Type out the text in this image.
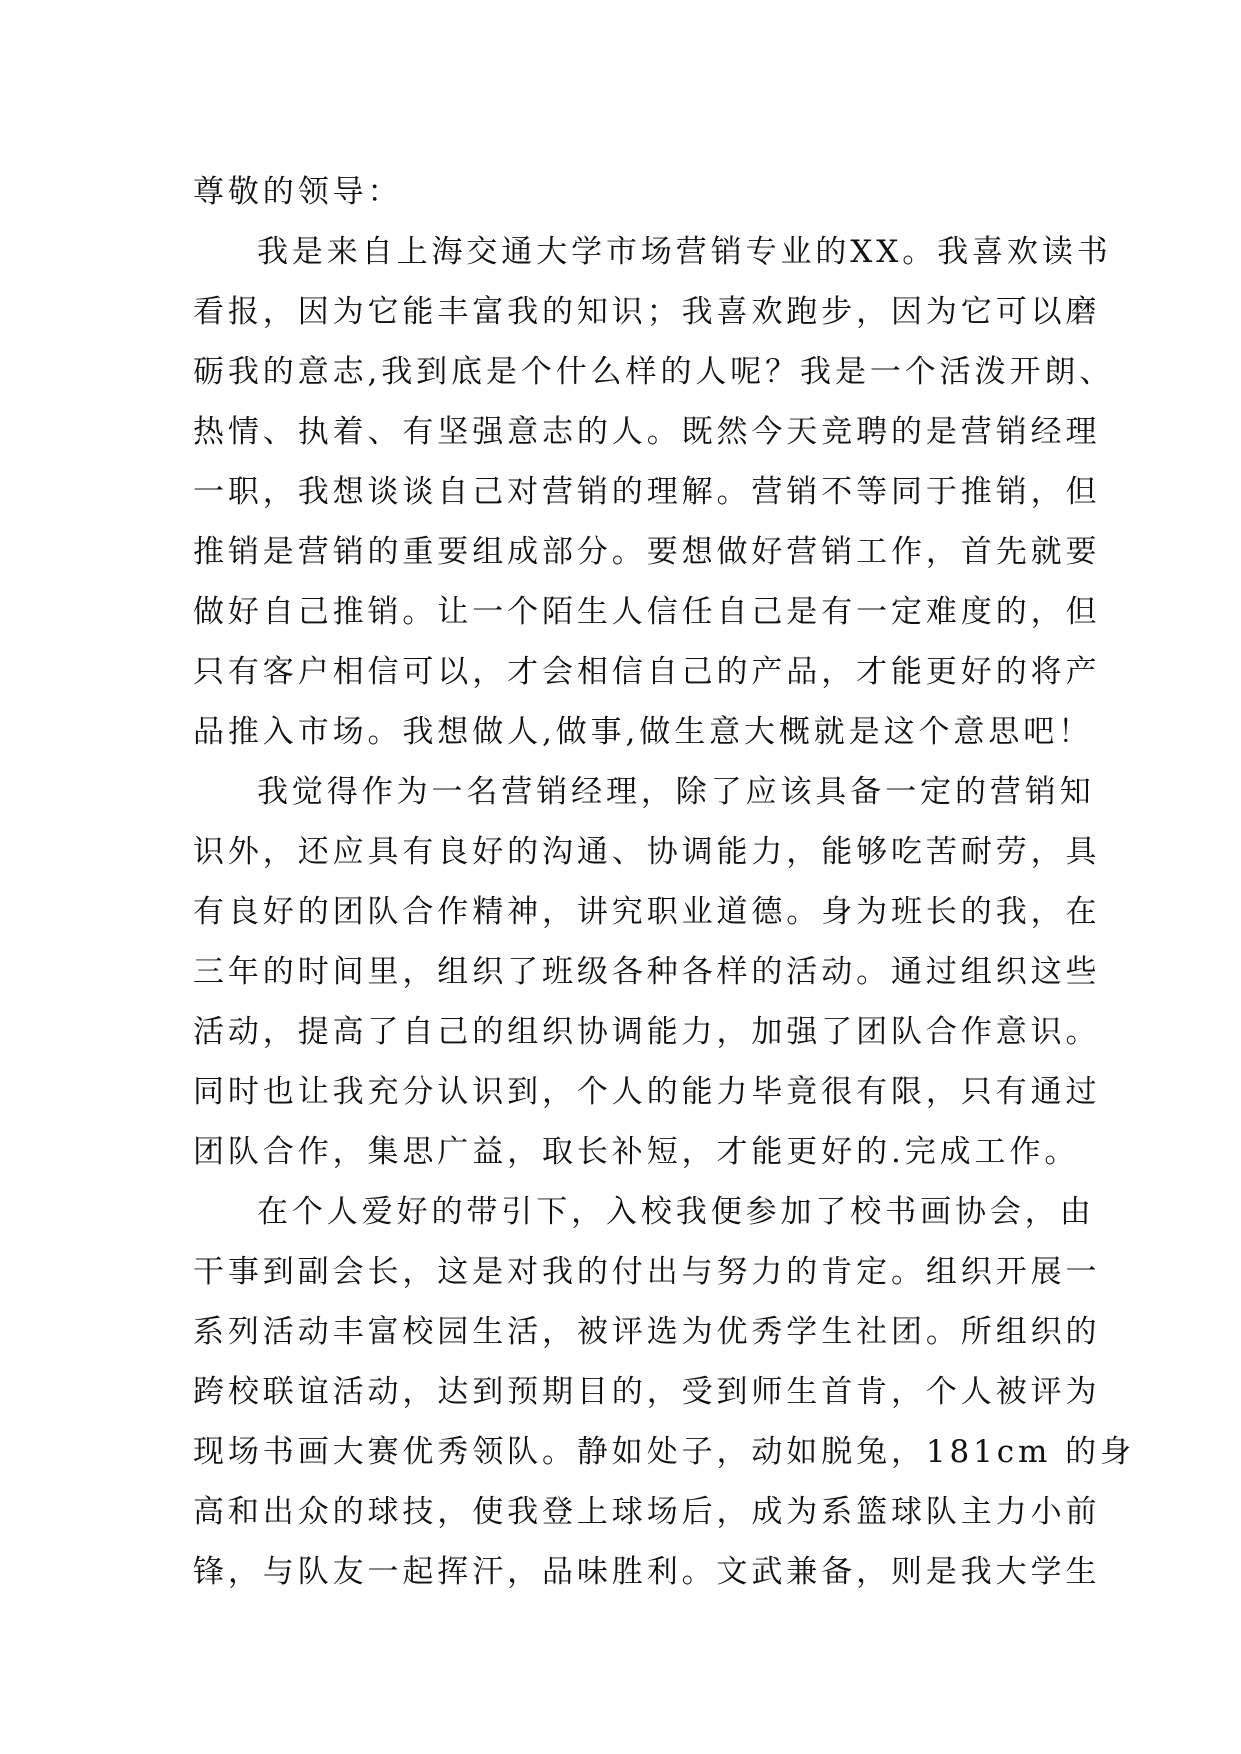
尊敬的领导：
我是来自上海交通大学市场营销专业的XX。我喜欢读书
看报，因为它能丰富我的知识；我喜欢跑步，因为它可以磨
砺我的意志,我到底是个什么样的人呢？我是一个活泼开朗、
热情、执着、有坚强意志的人。既然今天竞聘的是营销经理
一职，我想谈谈自己对营销的理解。营销不等同于推销，但
推销是营销的重要组成部分。要想做好营销工作，首先就要
做好自己推销。让一个陌生人信任自己是有一定难度的，但
只有客户相信可以，才会相信自己的产品，才能更好的将产
品推入市场。我想做人,做事,做生意大概就是这个意思吧！
我觉得作为一名营销经理，除了应该具备一定的营销知
识外，还应具有良好的沟通、协调能力，能够吃苦耐劳，具
有良好的团队合作精神，讲究职业道德。身为班长的我，在
三年的时间里，组织了班级各种各样的活动。通过组织这些
活动，提高了自己的组织协调能力，加强了团队合作意识。
同时也让我充分认识到，个人的能力毕竟很有限，只有通过
团队合作，集思广益，取长补短，才能更好的.完成工作。
在个人爱好的带引下，入校我便参加了校书画协会，由
干事到副会长，这是对我的付出与努力的肯定。组织开展一
系列活动丰富校园生活，被评选为优秀学生社团。所组织的
跨校联谊活动，达到预期目的，受到师生首肯，个人被评为
现场书画大赛优秀领队。静如处子，动如脱兔，181cm 的身
高和出众的球技，使我登上球场后，成为系篮球队主力小前
锋，与队友一起挥汗，品味胜利。文武兼备，则是我大学生
